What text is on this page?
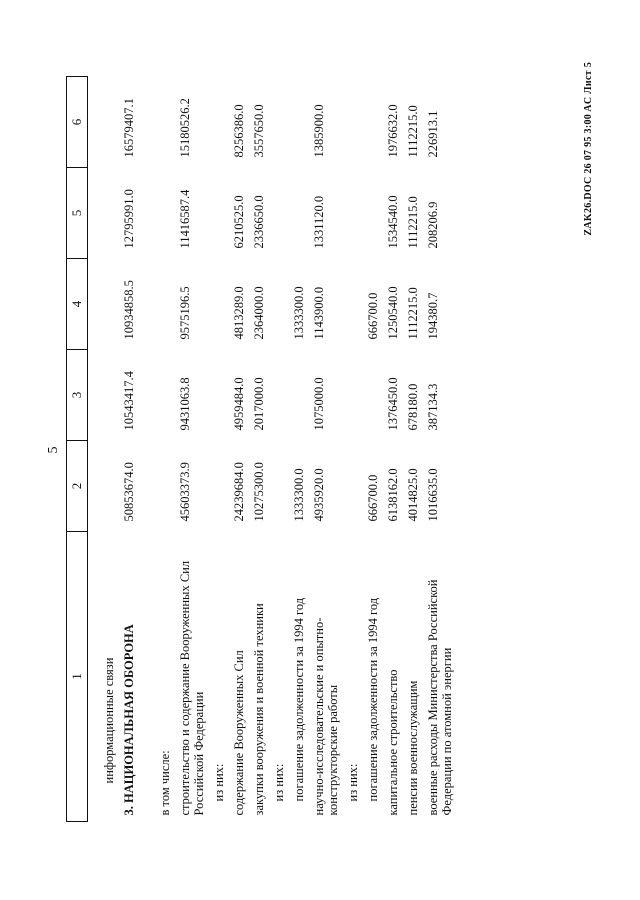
5
1	2	3	4	5	6
информационные связи					
3. НАЦИОНАЛЬНАЯ ОБОРОНА	50853674.0	10543417.4	10934858.5	12795991.0	16579407.1
в том числе:					
строительство и содержание Вооруженных Сил Российской Федерации	45603373.9	9431063.8	9575196.5	11416587.4	15180526.2
из них:					
содержание Вооруженных Сил	24239684.0	4959484.0	4813289.0	6210525.0	8256386.0
закупки вооружения и военной техники	10275300.0	2017000.0	2364000.0	2336650.0	3557650.0
из них:					
погашение задолженности за 1994 год	1333300.0		1333300.0		
научно-исследовательские и опытно-конструкторские работы	4935920.0	1075000.0	1143900.0	1331120.0	1385900.0
из них:					
погашение задолженности за 1994 год	666700.0		666700.0		
капитальное строительство	6138162.0	1376450.0	1250540.0	1534540.0	1976632.0
пенсии военнослужащим	4014825.0	678180.0	1112215.0	1112215.0	1112215.0
военные расходы Министерства Российской Федерации по атомной энергии	1016635.0	387134.3	194380.7	208206.9	226913.1	ZAK26.DOC 26 07 95 3:00 AC Лист 5
